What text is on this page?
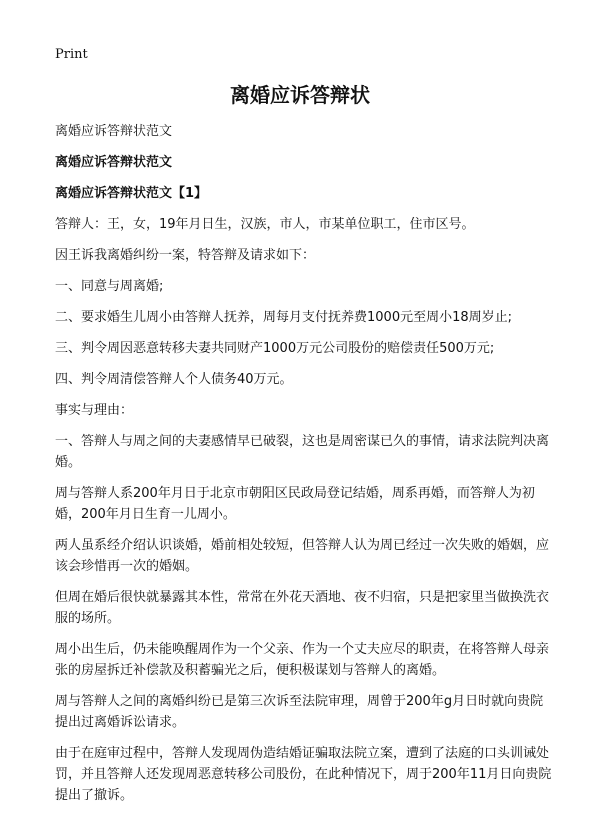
Print
离婚应诉答辩状

离婚应诉答辩状范文

离婚应诉答辩状范文

离婚应诉答辩状范文【1】

答辩人：王，女，19年月日生，汉族，市人，市某单位职工，住市区号。

因王诉我离婚纠纷一案，特答辩及请求如下：

一、同意与周离婚;

二、要求婚生儿周小由答辩人抚养，周每月支付抚养费1000元至周小18周岁止;

三、判令周因恶意转移夫妻共同财产1000万元公司股份的赔偿责任500万元;

四、判令周清偿答辩人个人债务40万元。

事实与理由：

一、答辩人与周之间的夫妻感情早已破裂，这也是周密谋已久的事情，请求法院判决离婚。

周与答辩人系200年月日于北京市朝阳区民政局登记结婚，周系再婚，而答辩人为初婚，200年月日生育一儿周小。

两人虽系经介绍认识谈婚，婚前相处较短，但答辩人认为周已经过一次失败的婚姻，应该会珍惜再一次的婚姻。

但周在婚后很快就暴露其本性，常常在外花天酒地、夜不归宿，只是把家里当做换洗衣服的场所。

周小出生后，仍未能唤醒周作为一个父亲、作为一个丈夫应尽的职责，在将答辩人母亲张的房屋拆迁补偿款及积蓄骗光之后，便积极谋划与答辩人的离婚。

周与答辩人之间的离婚纠纷已是第三次诉至法院审理，周曾于200年g月日时就向贵院提出过离婚诉讼请求。

由于在庭审过程中，答辩人发现周伪造结婚证骗取法院立案，遭到了法庭的口头训诫处罚，并且答辩人还发现周恶意转移公司股份，在此种情况下，周于200年11月日向贵院提出了撤诉。
